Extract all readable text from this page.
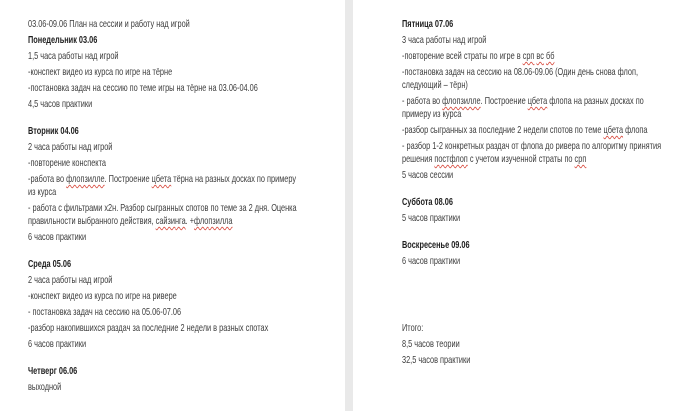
03.06-09.06 План на сессии и работу над игрой
Понедельник 03.06
1,5 часа работы над игрой
-конспект видео из курса по игре на тёрне
-постановка задач на сессию по теме игры на тёрне на 03.06-04.06
4,5 часов практики
Вторник 04.06
2 часа работы над игрой
-повторение конспекта
-работа во флопзилле. Построение цбета тёрна на разных досках по примеру
из курса
- работа с фильтрами х2н. Разбор сыгранных спотов по теме за 2 дня. Оценка
правильности выбранного действия, сайзинга. +флопзилла
6 часов практики
Среда 05.06
2 часа работы над игрой
-конспект видео из курса по игре на ривере
- постановка задач на сессию на 05.06-07.06
-разбор накопившихся раздач за последние 2 недели в разных спотах
6 часов практики
Четверг 06.06
выходной
Пятница 07.06
3 часа работы над игрой
-повторение всей страты по игре в срп вс бб
-постановка задач на сессию на 08.06-09.06 (Один день снова флоп,
следующий – тёрн)
- работа во флопзилле. Построение цбета флопа на разных досках по
примеру из курса
-разбор сыгранных за последние 2 недели спотов по теме цбета флопа
- разбор 1-2 конкретных раздач от флопа до ривера по алгоритму принятия
решения постфлоп с учетом изученной страты по срп
5 часов сессии
Суббота 08.06
5 часов практики
Воскресенье 09.06
6 часов практики
Итого:
8,5 часов теории
32,5 часов практики
